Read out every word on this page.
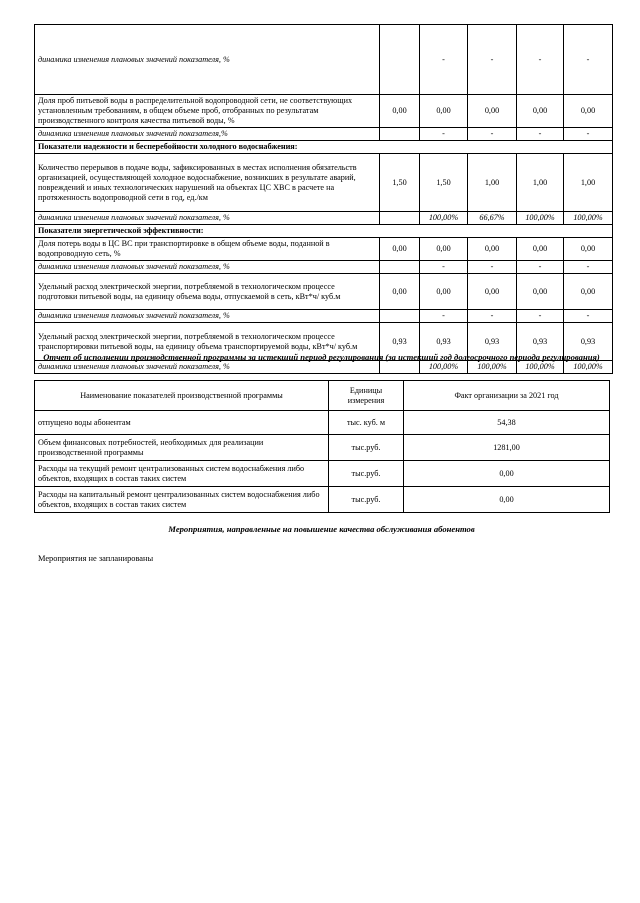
динамика изменения плановых значений показателя, %		-	-	-	-
Доля проб питьевой воды в распределительной водопроводной сети, не соответствующих установленным требованиям, в общем объеме проб, отобранных по результатам производственного контроля качества питьевой воды, %	0,00	0,00	0,00	0,00	0,00
динамика изменения плановых значений показателя,%		-	-	-	-
Показатели надежности и бесперебойности холодного водоснабжения:					
Количество перерывов в подаче воды, зафиксированных в местах исполнения обязательств организацией, осуществляющей холодное водоснабжение, возникших в результате аварий, повреждений и иных технологических нарушений на объектах ЦС ХВС в расчете на протяженность водопроводной сети в год, ед./км	1,50	1,50	1,00	1,00	1,00
динамика изменения плановых значений показателя, %		100,00%	66,67%	100,00%	100,00%
Показатели энергетической эффективности:					
Доля потерь воды в ЦС ВС при транспортировке в общем объеме воды, поданной в водопроводную сеть, %	0,00	0,00	0,00	0,00	0,00
динамика изменения плановых значений показателя, %		-	-	-	-
Удельный расход электрической энергии, потребляемой в технологическом процессе подготовки питьевой воды, на единицу объема воды, отпускаемой в сеть, кВт*ч/ куб.м	0,00	0,00	0,00	0,00	0,00
динамика изменения плановых значений показателя, %		-	-	-	-
Удельный расход электрической энергии, потребляемой в технологическом процессе транспортировки питьевой воды, на единицу объема транспортируемой воды, кВт*ч/ куб.м	0,93	0,93	0,93	0,93	0,93
динамика изменения плановых значений показателя, %		100,00%	100,00%	100,00%	100,00%
Отчет об исполнении производственной программы за истекший период регулирования (за истекший год долгосрочного периода регулирования)
Наименование показателей производственной программы	Единицы измерения	Факт организации за 2021 год
отпущено воды абонентам	тыс. куб. м	54,38
Объем финансовых потребностей, необходимых для реализации производственной программы	тыс.руб.	1281,00
Расходы на текущий ремонт централизованных систем водоснабжения либо объектов, входящих в состав таких систем	тыс.руб.	0,00
Расходы на капитальный ремонт централизованных систем водоснабжения либо объектов, входящих в состав таких систем	тыс.руб.	0,00
Мероприятия, направленные на повышение качества обслуживания абонентов
Мероприятия не запланированы
